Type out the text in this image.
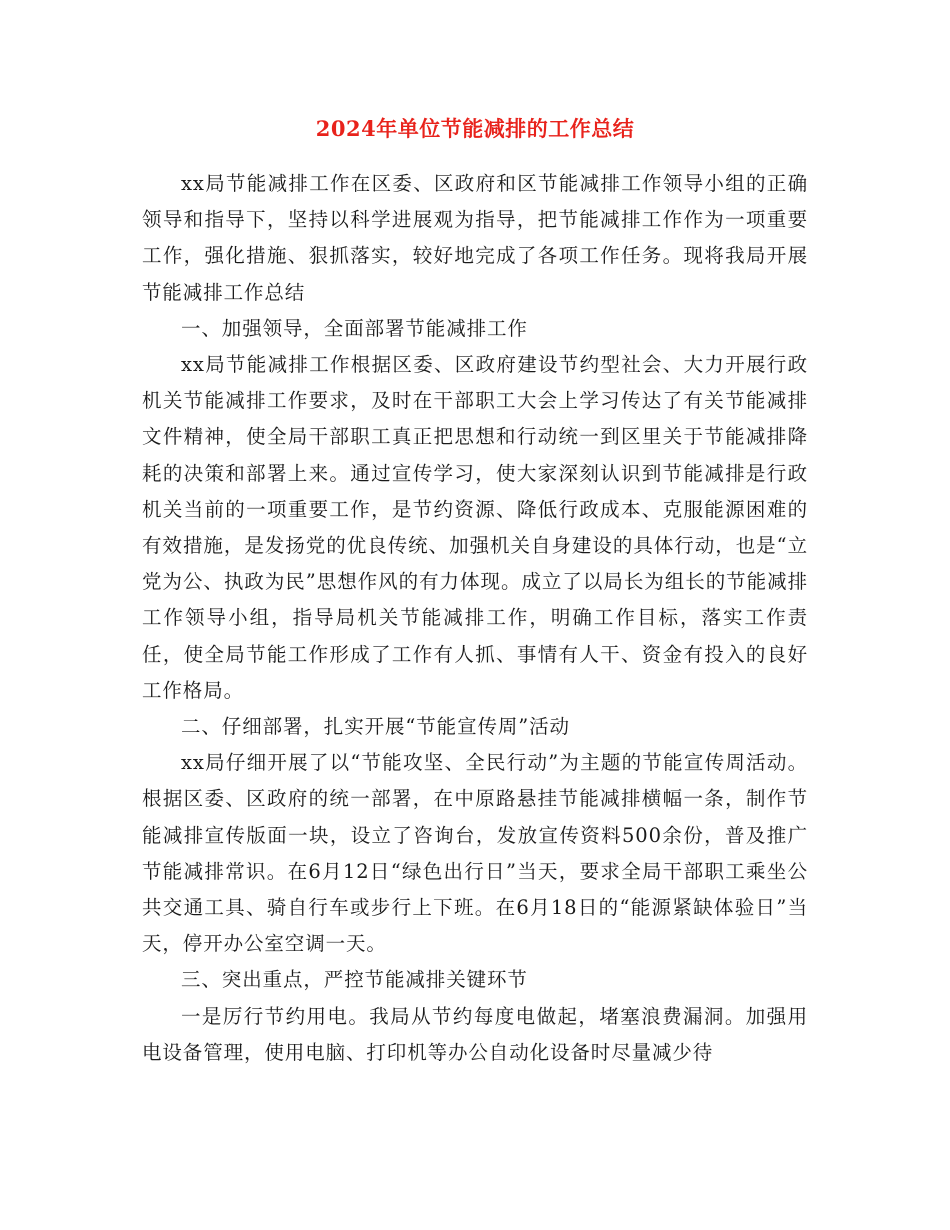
2024年单位节能减排的工作总结

xx局节能减排工作在区委、区政府和区节能减排工作领导小组的正确领导和指导下，坚持以科学进展观为指导，把节能减排工作作为一项重要工作，强化措施、狠抓落实，较好地完成了各项工作任务。现将我局开展节能减排工作总结

一、加强领导，全面部署节能减排工作

xx局节能减排工作根据区委、区政府建设节约型社会、大力开展行政机关节能减排工作要求，及时在干部职工大会上学习传达了有关节能减排文件精神，使全局干部职工真正把思想和行动统一到区里关于节能减排降耗的决策和部署上来。通过宣传学习，使大家深刻认识到节能减排是行政机关当前的一项重要工作，是节约资源、降低行政成本、克服能源困难的有效措施，是发扬党的优良传统、加强机关自身建设的具体行动，也是“立党为公、执政为民”思想作风的有力体现。成立了以局长为组长的节能减排工作领导小组，指导局机关节能减排工作，明确工作目标，落实工作责任，使全局节能工作形成了工作有人抓、事情有人干、资金有投入的良好工作格局。

二、仔细部署，扎实开展“节能宣传周”活动

xx局仔细开展了以“节能攻坚、全民行动”为主题的节能宣传周活动。根据区委、区政府的统一部署，在中原路悬挂节能减排横幅一条，制作节能减排宣传版面一块，设立了咨询台，发放宣传资料500余份，普及推广节能减排常识。在6月12日“绿色出行日”当天，要求全局干部职工乘坐公共交通工具、骑自行车或步行上下班。在6月18日的“能源紧缺体验日”当天，停开办公室空调一天。

三、突出重点，严控节能减排关键环节

一是厉行节约用电。我局从节约每度电做起，堵塞浪费漏洞。加强用电设备管理，使用电脑、打印机等办公自动化设备时尽量减少待
